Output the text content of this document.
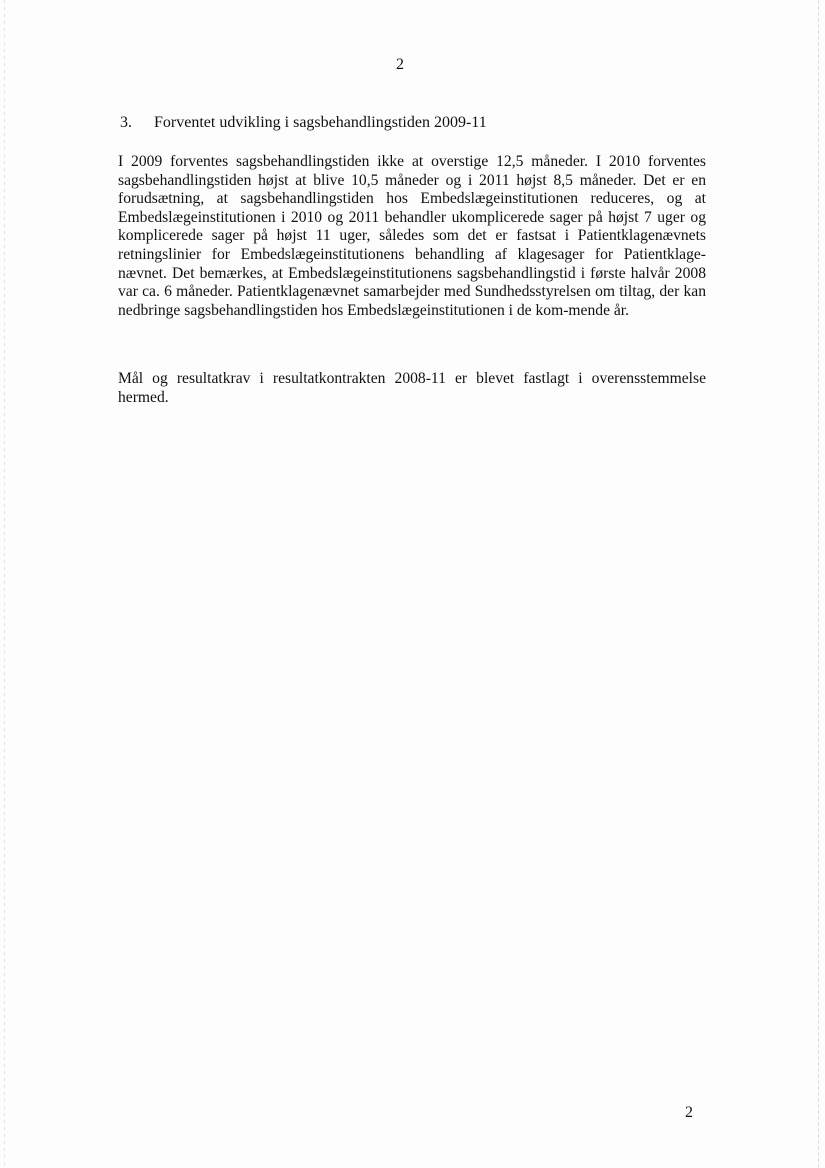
2
3. Forventet udvikling i sagsbehandlingstiden 2009-11

I 2009 forventes sagsbehandlingstiden ikke at overstige 12,5 måneder. I 2010 forventes sagsbehandlingstiden højst at blive 10,5 måneder og i 2011 højst 8,5 måneder. Det er en forudsætning, at sagsbehandlingstiden hos Embedslægeinstitutionen reduceres, og at Embedslægeinstitutionen i 2010 og 2011 behandler ukomplicerede sager på højst 7 uger og komplicerede sager på højst 11 uger, således som det er fastsat i Patientklagenævnets retningslinier for Embedslægeinstitutionens behandling af klagesager for Patientklage-nævnet. Det bemærkes, at Embedslægeinstitutionens sagsbehandlingstid i første halvår 2008 var ca. 6 måneder. Patientklagenævnet samarbejder med Sundhedsstyrelsen om tiltag, der kan nedbringe sagsbehandlingstiden hos Embedslægeinstitutionen i de kom-mende år.

Mål og resultatkrav i resultatkontrakten 2008-11 er blevet fastlagt i overensstemmelse hermed.

2
